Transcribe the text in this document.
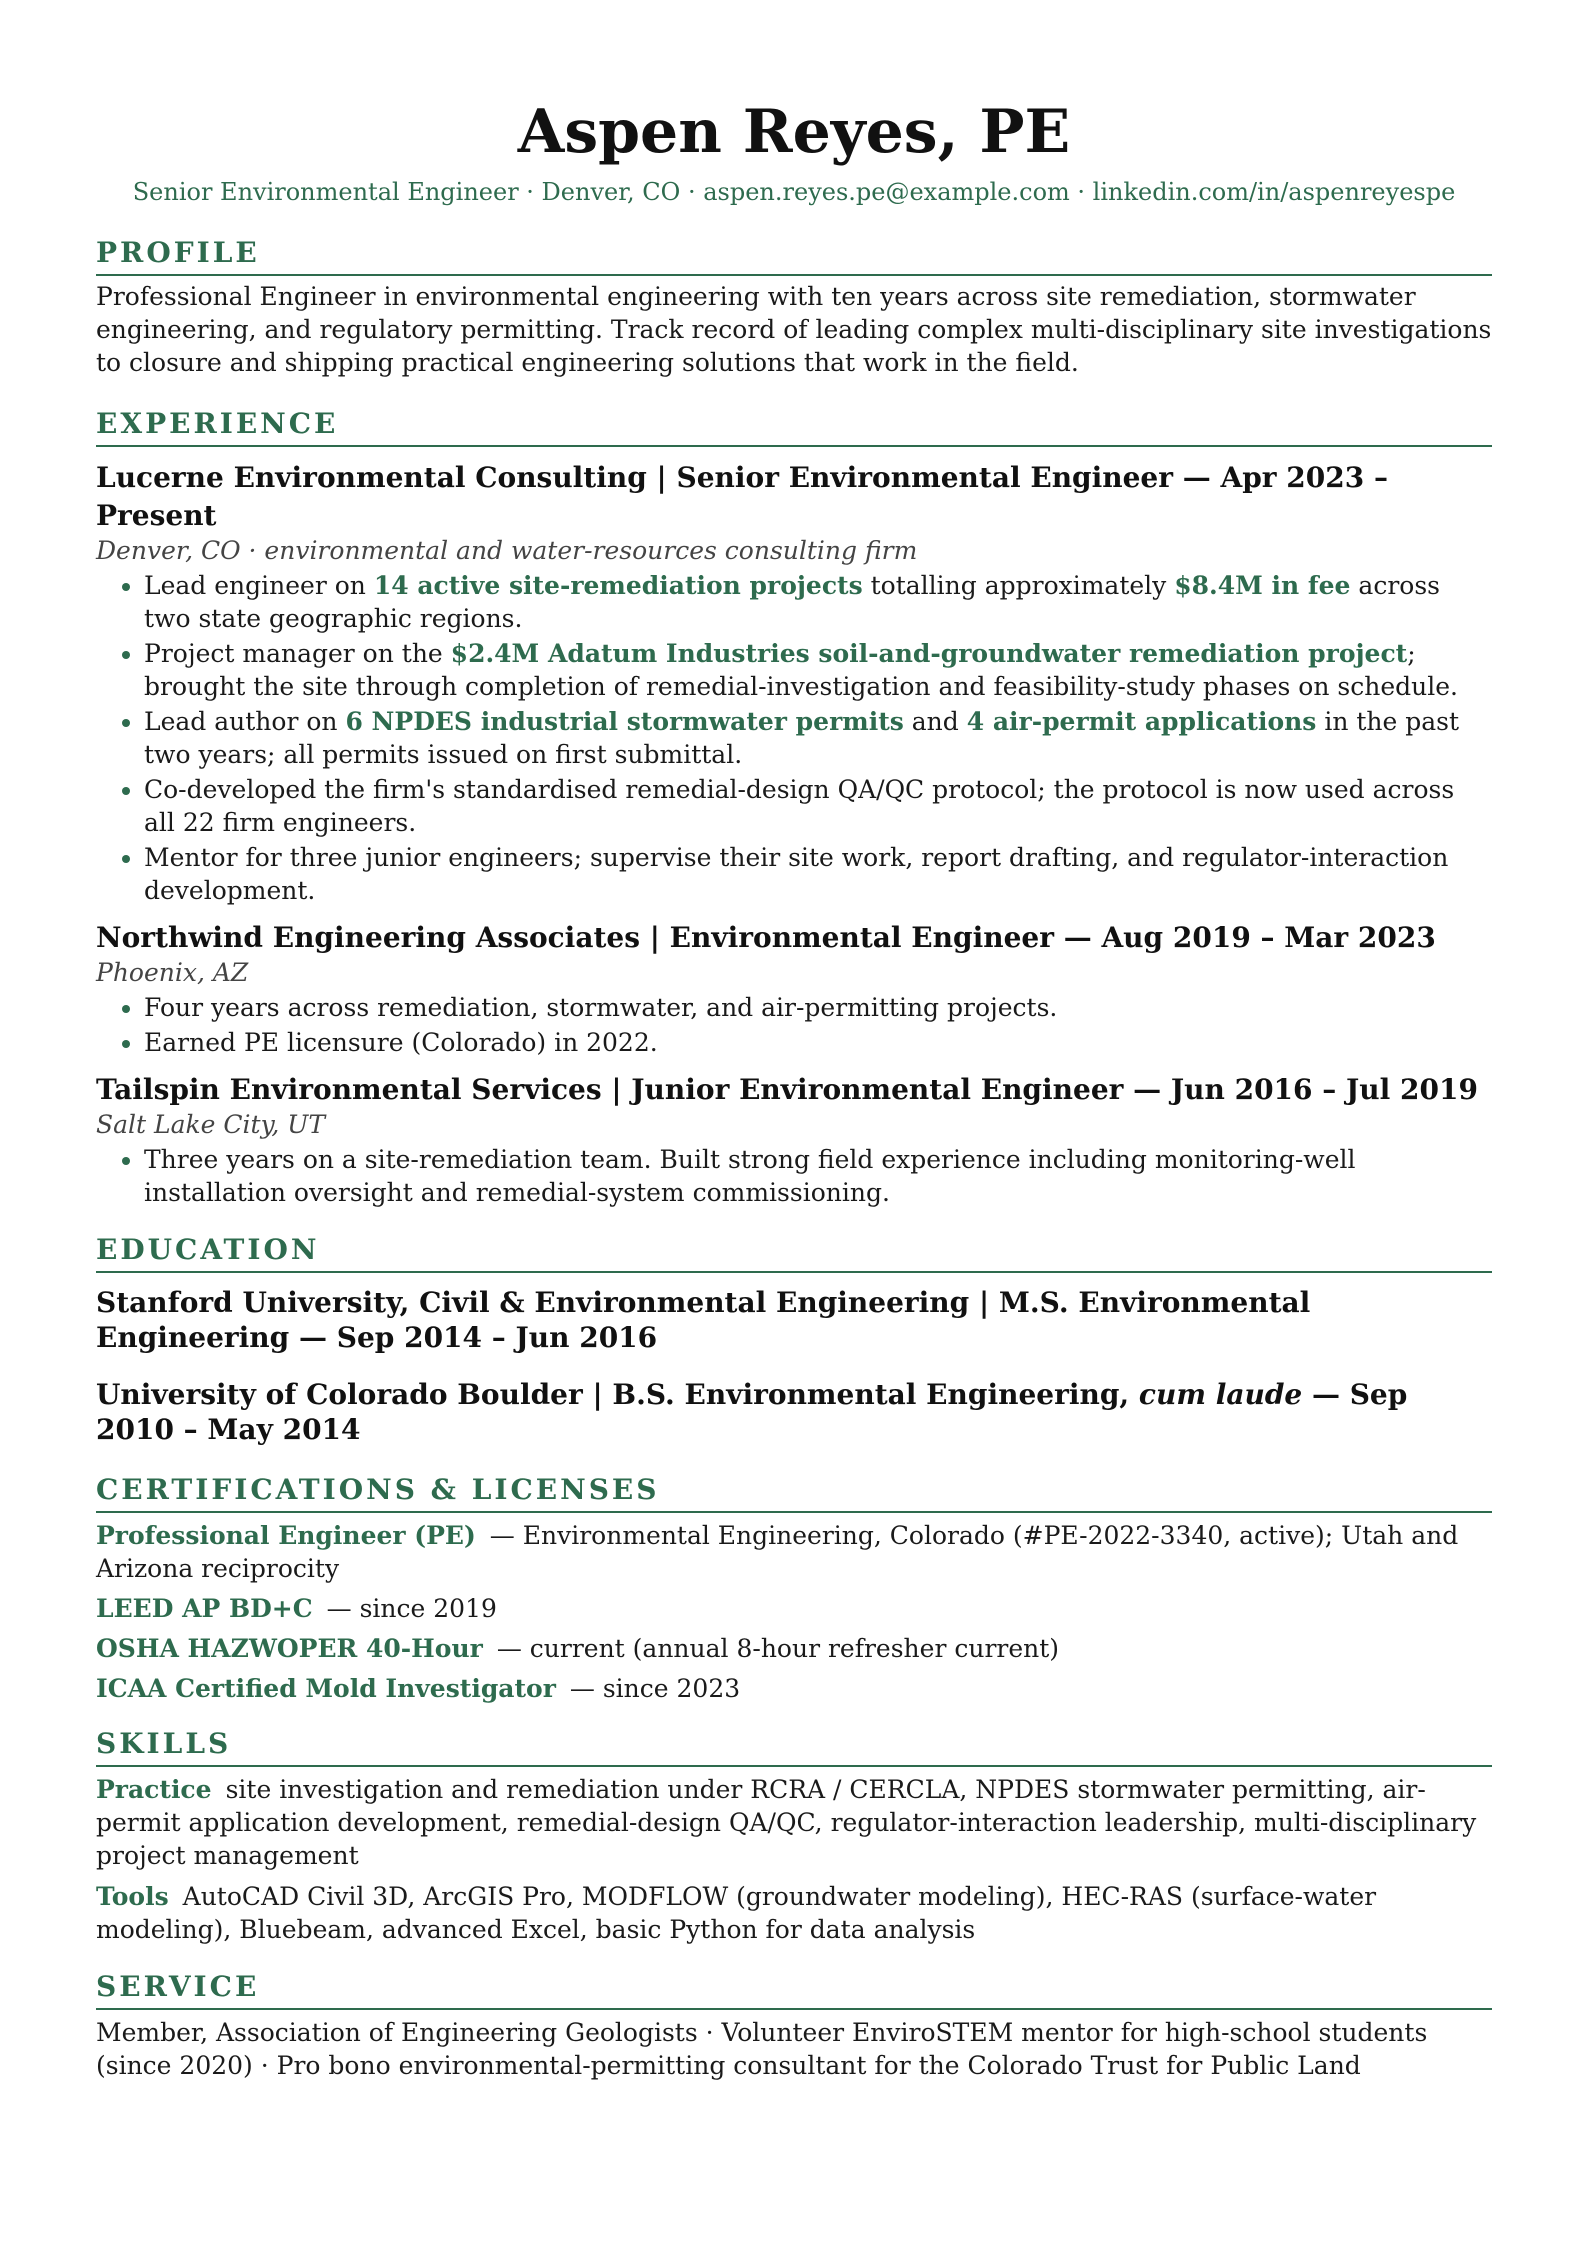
Aspen Reyes, PE
Senior Environmental Engineer · Denver, CO · aspen.reyes.pe@example.com · linkedin.com/in/aspenreyespe
PROFILE
Professional Engineer in environmental engineering with ten years across site remediation, stormwater engineering, and regulatory permitting. Track record of leading complex multi-disciplinary site investigations to closure and shipping practical engineering solutions that work in the field.
EXPERIENCE
Lucerne Environmental Consulting | Senior Environmental Engineer — Apr 2023 – Present
Denver, CO · environmental and water-resources consulting firm
• Lead engineer on 14 active site-remediation projects totalling approximately $8.4M in fee across two state geographic regions.
• Project manager on the $2.4M Adatum Industries soil-and-groundwater remediation project; brought the site through completion of remedial-investigation and feasibility-study phases on schedule.
• Lead author on 6 NPDES industrial stormwater permits and 4 air-permit applications in the past two years; all permits issued on first submittal.
• Co-developed the firm's standardised remedial-design QA/QC protocol; the protocol is now used across all 22 firm engineers.
• Mentor for three junior engineers; supervise their site work, report drafting, and regulator-interaction development.
Northwind Engineering Associates | Environmental Engineer — Aug 2019 – Mar 2023
Phoenix, AZ
• Four years across remediation, stormwater, and air-permitting projects.
• Earned PE licensure (Colorado) in 2022.
Tailspin Environmental Services | Junior Environmental Engineer — Jun 2016 – Jul 2019
Salt Lake City, UT
• Three years on a site-remediation team. Built strong field experience including monitoring-well installation oversight and remedial-system commissioning.
EDUCATION
Stanford University, Civil & Environmental Engineering | M.S. Environmental Engineering — Sep 2014 – Jun 2016
University of Colorado Boulder | B.S. Environmental Engineering, cum laude — Sep 2010 – May 2014
CERTIFICATIONS & LICENSES
Professional Engineer (PE) — Environmental Engineering, Colorado (#PE-2022-3340, active); Utah and Arizona reciprocity
LEED AP BD+C — since 2019
OSHA HAZWOPER 40-Hour — current (annual 8-hour refresher current)
ICAA Certified Mold Investigator — since 2023
SKILLS
Practice site investigation and remediation under RCRA / CERCLA, NPDES stormwater permitting, air-permit application development, remedial-design QA/QC, regulator-interaction leadership, multi-disciplinary project management
Tools AutoCAD Civil 3D, ArcGIS Pro, MODFLOW (groundwater modeling), HEC-RAS (surface-water modeling), Bluebeam, advanced Excel, basic Python for data analysis
SERVICE
Member, Association of Engineering Geologists · Volunteer EnviroSTEM mentor for high-school students (since 2020) · Pro bono environmental-permitting consultant for the Colorado Trust for Public Land
